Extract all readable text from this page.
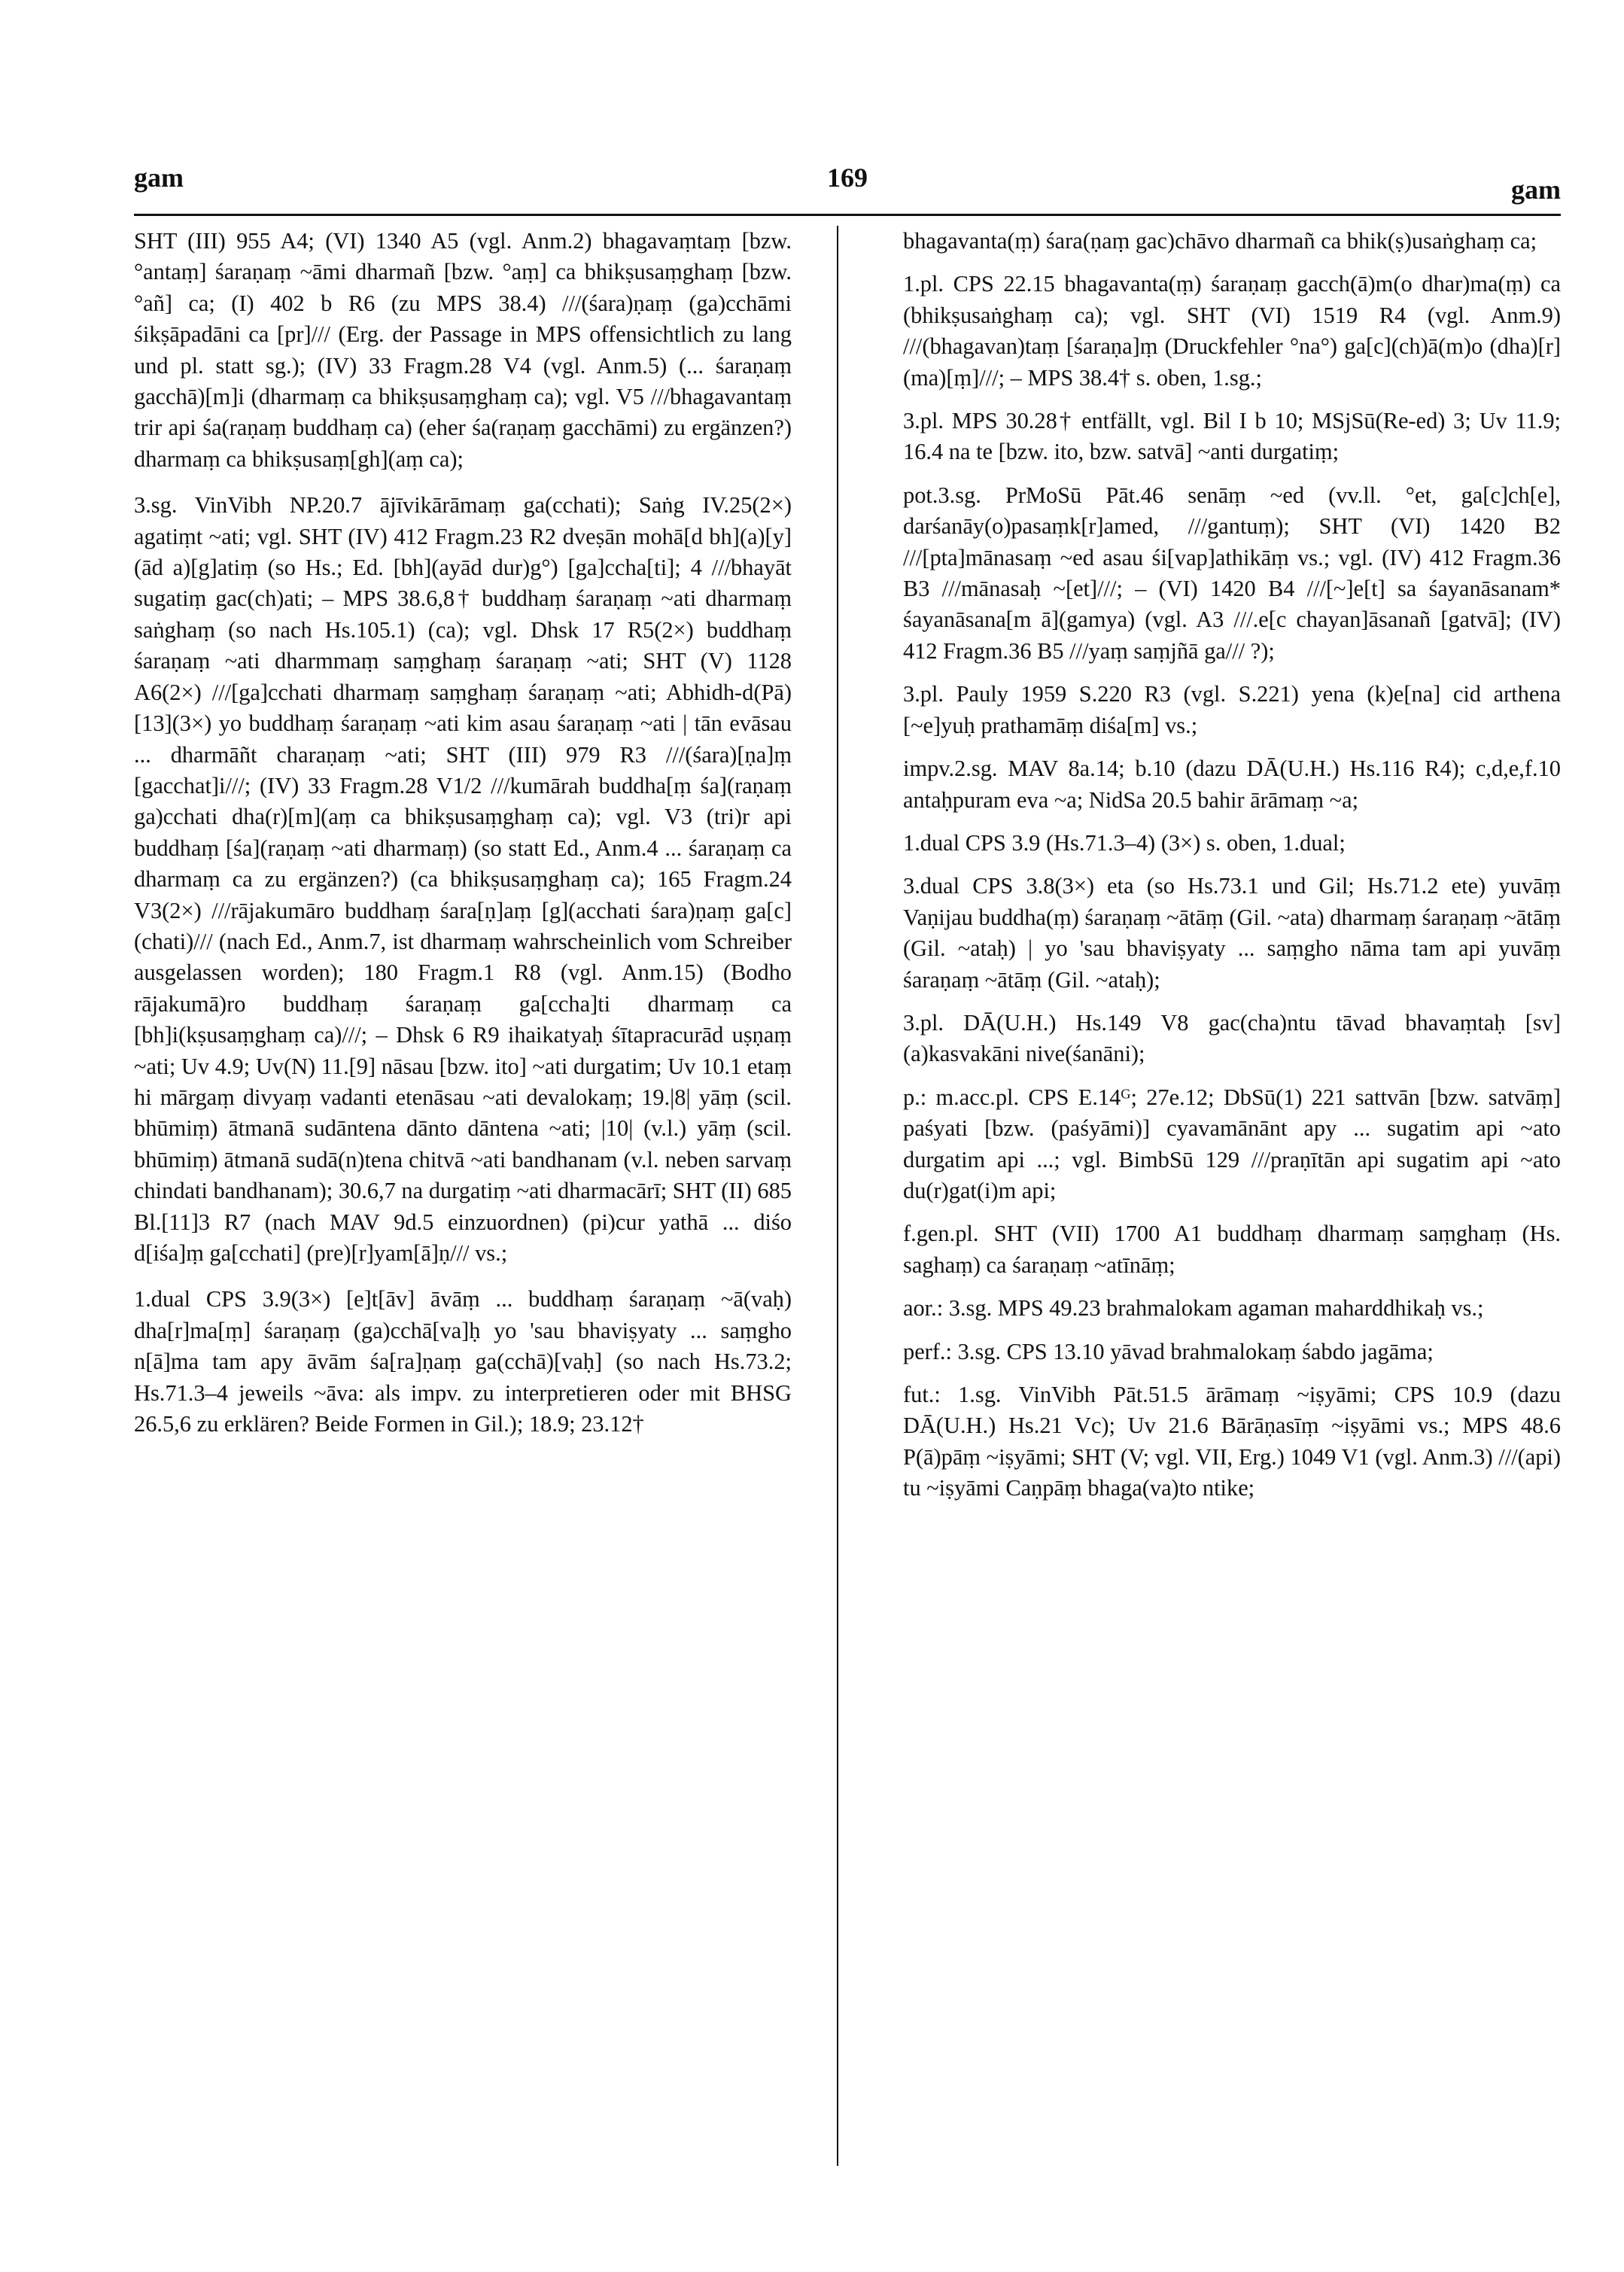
gam	169	gam

SHT (III) 955 A4; (VI) 1340 A5 (vgl. Anm.2) bhagavaṃtaṃ [bzw. °antaṃ] śaraṇaṃ ~āmi dharmañ [bzw. °aṃ] ca bhikṣusaṃghaṃ [bzw. °añ] ca; (I) 402 b R6 (zu MPS 38.4) ///(śara)ṇaṃ (ga)cchāmi śikṣāpadāni ca [pr]/// (Erg. der Passage in MPS offensichtlich zu lang und pl. statt sg.); (IV) 33 Fragm.28 V4 (vgl. Anm.5) (... śaraṇaṃ gacchā)[m]i (dharmaṃ ca bhikṣusaṃghaṃ ca); vgl. V5 ///bhagavantaṃ trir api śa(raṇaṃ buddhaṃ ca) (eher śa(raṇaṃ gacchāmi) zu ergänzen?) dharmaṃ ca bhikṣusaṃ[gh](aṃ ca);

3.sg. VinVibh NP.20.7 ājīvikārāmaṃ ga(cchati); Saṅg IV.25(2×) agatiṃt ~ati; vgl. SHT (IV) 412 Fragm.23 R2 dveṣān mohā[d bh](a)[y](ād a)[g]atiṃ (so Hs.; Ed. [bh](ayād dur)g°) [ga]ccha[ti]; 4 ///bhayāt sugatiṃ gac(ch)ati; – MPS 38.6,8† buddhaṃ śaraṇaṃ ~ati dharmaṃ saṅghaṃ (so nach Hs.105.1) (ca); vgl. Dhsk 17 R5(2×) buddhaṃ śaraṇaṃ ~ati dharmmaṃ saṃghaṃ śaraṇaṃ ~ati; SHT (V) 1128 A6(2×) ///[ga]cchati dharmaṃ saṃghaṃ śaraṇaṃ ~ati; Abhidh-d(Pā) [13](3×) yo buddhaṃ śaraṇaṃ ~ati kim asau śaraṇaṃ ~ati | tān evāsau ... dharmāñt charaṇaṃ ~ati; SHT (III) 979 R3 ///(śara)[ṇa]ṃ [gacchat]i///; (IV) 33 Fragm.28 V1/2 ///kumārah buddha[ṃ śa](raṇaṃ ga)cchati dha(r)[m](aṃ ca bhikṣusaṃghaṃ ca); vgl. V3 (tri)r api buddhaṃ [śa](raṇaṃ ~ati dharmaṃ) (so statt Ed., Anm.4 ... śaraṇaṃ ca dharmaṃ ca zu ergänzen?) (ca bhikṣusaṃghaṃ ca); 165 Fragm.24 V3(2×) ///rājakumāro buddhaṃ śara[ṇ]aṃ [g](acchati śara)ṇaṃ ga[c](chati)/// (nach Ed., Anm.7, ist dharmaṃ wahrscheinlich vom Schreiber ausgelassen worden); 180 Fragm.1 R8 (vgl. Anm.15) (Bodho rājakumā)ro buddhaṃ śaraṇaṃ ga[ccha]ti dharmaṃ ca [bh]i(kṣusaṃghaṃ ca)///; – Dhsk 6 R9 ihaikatyaḥ śītapracurād uṣṇaṃ ~ati; Uv 4.9; Uv(N) 11.[9] nāsau [bzw. ito] ~ati durgatim; Uv 10.1 etaṃ hi mārgaṃ divyaṃ vadanti etenāsau ~ati devalokaṃ; 19.|8| yāṃ (scil. bhūmiṃ) ātmanā sudāntena dānto dāntena ~ati; |10| (v.l.) yāṃ (scil. bhūmiṃ) ātmanā sudā(n)tena chitvā ~ati bandhanam (v.l. neben sarvaṃ chindati bandhanam); 30.6,7 na durgatiṃ ~ati dharmacārī; SHT (II) 685 Bl.[11]3 R7 (nach MAV 9d.5 einzuordnen) (pi)cur yathā ... diśo d[iśa]ṃ ga[cchati] (pre)[r]yam[ā]ṇ/// vs.;

1.dual CPS 3.9(3×) [e]t[āv] āvāṃ ... buddhaṃ śaraṇaṃ ~ā(vaḥ) dha[r]ma[ṃ] śaraṇaṃ (ga)cchā[va]ḥ yo 'sau bhaviṣyaty ... saṃgho n[ā]ma tam apy āvām śa[ra]ṇaṃ ga(cchā)[vaḥ] (so nach Hs.73.2; Hs.71.3–4 jeweils ~āva: als impv. zu interpretieren oder mit BHSG 26.5,6 zu erklären? Beide Formen in Gil.); 18.9; 23.12†

bhagavanta(ṃ) śara(ṇaṃ gac)chāvo dharmañ ca bhik(ṣ)usaṅghaṃ ca;

1.pl. CPS 22.15 bhagavanta(ṃ) śaraṇaṃ gacch(ā)m(o dhar)ma(ṃ) ca (bhikṣusaṅghaṃ ca); vgl. SHT (VI) 1519 R4 (vgl. Anm.9) ///(bhagavan)taṃ [śaraṇa]ṃ (Druckfehler °na°) ga[c](ch)ā(m)o (dha)[r](ma)[ṃ]///; – MPS 38.4† s. oben, 1.sg.;

3.pl. MPS 30.28† entfällt, vgl. Bil I b 10; MSjSū(Re-ed) 3; Uv 11.9; 16.4 na te [bzw. ito, bzw. satvā] ~anti durgatiṃ;

pot.3.sg. PrMoSū Pāt.46 senāṃ ~ed (vv.ll. °et, ga[c]ch[e], darśanāy(o)pasaṃk[r]amed, ///gantuṃ); SHT (VI) 1420 B2 ///[pta]mānasaṃ ~ed asau śi[vap]athikāṃ vs.; vgl. (IV) 412 Fragm.36 B3 ///mānasaḥ ~[et]///; – (VI) 1420 B4 ///[~]e[t] sa śayanāsanam* śayanāsana[m ā](gamya) (vgl. A3 ///.e[c chayan]āsanañ [gatvā]; (IV) 412 Fragm.36 B5 ///yaṃ saṃjñā ga/// ?);

3.pl. Pauly 1959 S.220 R3 (vgl. S.221) yena (k)e[na] cid arthena [~e]yuḥ prathamāṃ diśa[m] vs.;

impv.2.sg. MAV 8a.14; b.10 (dazu DĀ(U.H.) Hs.116 R4); c,d,e,f.10 antaḥpuram eva ~a; NidSa 20.5 bahir ārāmaṃ ~a;

1.dual CPS 3.9 (Hs.71.3–4) (3×) s. oben, 1.dual;

3.dual CPS 3.8(3×) eta (so Hs.73.1 und Gil; Hs.71.2 ete) yuvāṃ Vaṇijau buddha(ṃ) śaraṇaṃ ~ātāṃ (Gil. ~ata) dharmaṃ śaraṇaṃ ~ātāṃ (Gil. ~ataḥ) | yo 'sau bhaviṣyaty ... saṃgho nāma tam api yuvāṃ śaraṇaṃ ~ātāṃ (Gil. ~ataḥ);

3.pl. DĀ(U.H.) Hs.149 V8 gac(cha)ntu tāvad bhavaṃtaḥ [sv](a)kasvakāni nive(śanāni);

p.: m.acc.pl. CPS E.14ᴳ; 27e.12; DbSū(1) 221 sattvān [bzw. satvāṃ] paśyati [bzw. (paśyāmi)] cyavamānānt apy ... sugatim api ~ato durgatim api ...; vgl. BimbSū 129 ///praṇītān api sugatim api ~ato du(r)gat(i)m api;

f.gen.pl. SHT (VII) 1700 A1 buddhaṃ dharmaṃ saṃghaṃ (Hs. saghaṃ) ca śaraṇaṃ ~atīnāṃ;

aor.: 3.sg. MPS 49.23 brahmalokam agaman maharddhikaḥ vs.;

perf.: 3.sg. CPS 13.10 yāvad brahmalokaṃ śabdo jagāma;

fut.: 1.sg. VinVibh Pāt.51.5 ārāmaṃ ~iṣyāmi; CPS 10.9 (dazu DĀ(U.H.) Hs.21 Vc); Uv 21.6 Bārāṇasīṃ ~iṣyāmi vs.; MPS 48.6 P(ā)pāṃ ~iṣyāmi; SHT (V; vgl. VII, Erg.) 1049 V1 (vgl. Anm.3) ///(api) tu ~iṣyāmi Caṇpāṃ bhaga(va)to ntike;
